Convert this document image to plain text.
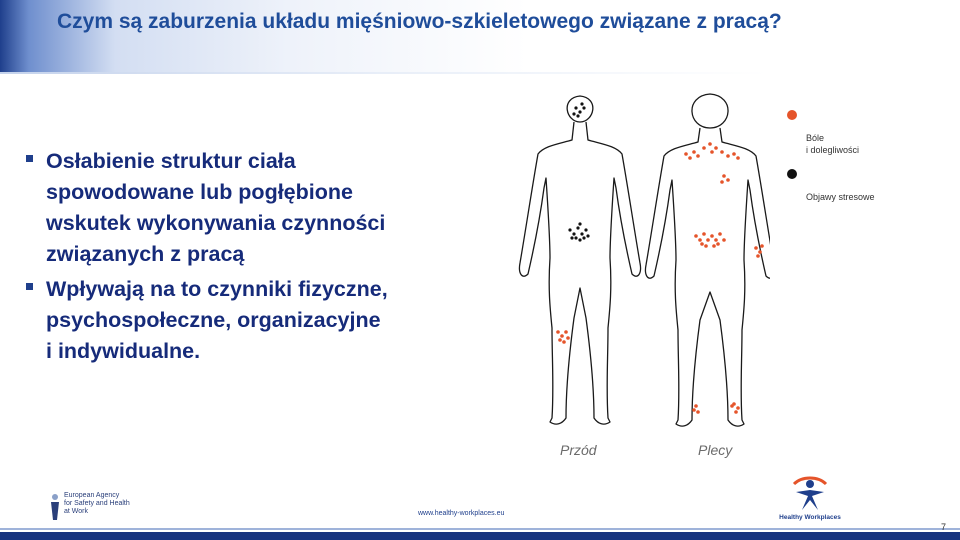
Czym są zaburzenia układu mięśniowo-szkieletowego związane z pracą?
Osłabienie struktur ciała
spowodowane lub pogłębione
wskutek wykonywania czynności
związanych z pracą
Wpływają na to czynniki fizyczne,
psychospołeczne, organizacyjne
i indywidualne.
Przód	Plecy

Bóle
i dolegliwości

Objawy stresowe

European Agency
for Safety and Health
at Work	www.healthy-workplaces.eu
Healthy Workplaces
7
